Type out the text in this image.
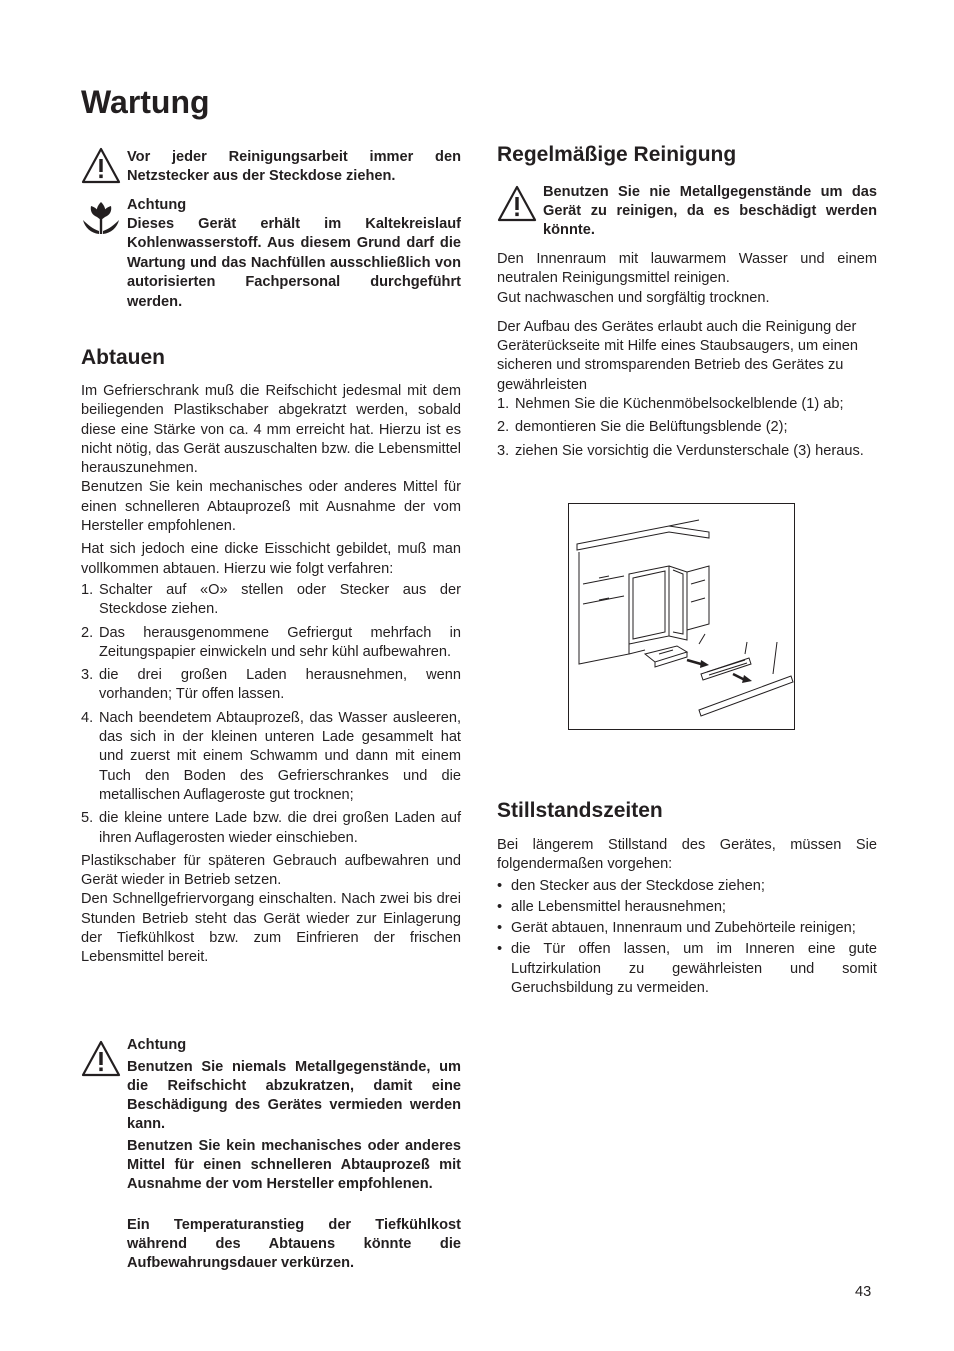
Wartung

Vor jeder Reinigungsarbeit immer den Netzstecker aus der Steckdose ziehen.

Achtung

Dieses Gerät erhält im Kaltekreislauf Kohlenwasserstoff. Aus diesem Grund darf die Wartung und das Nachfüllen ausschließlich von autorisierten Fachpersonal durchgeführt werden.

Abtauen

Im Gefrierschrank muß die Reifschicht jedesmal mit dem beiliegenden Plastikschaber abgekratzt werden, sobald diese eine Stärke von ca. 4 mm erreicht hat. Hierzu ist es nicht nötig, das Gerät auszuschalten bzw. die Lebensmittel herauszunehmen.

Benutzen Sie kein mechanisches oder anderes Mittel für einen schnelleren Abtauprozeß mit Ausnahme der vom Hersteller empfohlenen.

Hat sich jedoch eine dicke Eisschicht gebildet, muß man vollkommen abtauen. Hierzu wie folgt verfahren:

1. Schalter auf «O» stellen oder Stecker aus der Steckdose ziehen.
2. Das herausgenommene Gefriergut mehrfach in Zeitungspapier einwickeln und sehr kühl aufbewahren.
3. die drei großen Laden herausnehmen, wenn vorhanden; Tür offen lassen.
4. Nach beendetem Abtauprozeß, das Wasser ausleeren, das sich in der kleinen unteren Lade gesammelt hat und zuerst mit einem Schwamm und dann mit einem Tuch den Boden des Gefrierschrankes und die metallischen Auflageroste gut trocknen;
5. die kleine untere Lade bzw. die drei großen Laden auf ihren Auflagerosten wieder einschieben.

Plastikschaber für späteren Gebrauch aufbewahren und Gerät wieder in Betrieb setzen.

Den Schnellgefriervorgang einschalten. Nach zwei bis drei Stunden Betrieb steht das Gerät wieder zur Einlagerung der Tiefkühlkost bzw. zum Einfrieren der frischen Lebensmittel bereit.

Achtung

Benutzen Sie niemals Metallgegenstände, um die Reifschicht abzukratzen, damit eine Beschädigung des Gerätes vermieden werden kann.

Benutzen Sie kein mechanisches oder anderes Mittel für einen schnelleren Abtauprozeß mit Ausnahme der vom Hersteller empfohlenen.

Ein Temperaturanstieg der Tiefkühlkost während des Abtauens könnte die Aufbewahrungsdauer verkürzen.

Regelmäßige Reinigung

Benutzen Sie nie Metallgegenstände um das Gerät zu reinigen, da es beschädigt werden könnte.

Den Innenraum mit lauwarmem Wasser und einem neutralen Reinigungsmittel reinigen.

Gut nachwaschen und sorgfältig trocknen.

Der Aufbau des Gerätes erlaubt auch die Reinigung der Geräterückseite mit Hilfe eines Staubsaugers, um einen sicheren und stromsparenden Betrieb des Gerätes zu gewährleisten

1. Nehmen Sie die Küchenmöbelsockelblende (1) ab;
2. demontieren Sie die Belüftungsblende (2);
3. ziehen Sie vorsichtig die Verdunsterschale (3) heraus.
Stillstandszeiten

Bei längerem Stillstand des Gerätes, müssen Sie folgendermaßen vorgehen:

• den Stecker aus der Steckdose ziehen;
• alle Lebensmittel herausnehmen;
• Gerät abtauen, Innenraum und Zubehörteile reinigen;
• die Tür offen lassen, um im Inneren eine gute Luftzirkulation zu gewährleisten und somit Geruchsbildung zu vermeiden.
43
